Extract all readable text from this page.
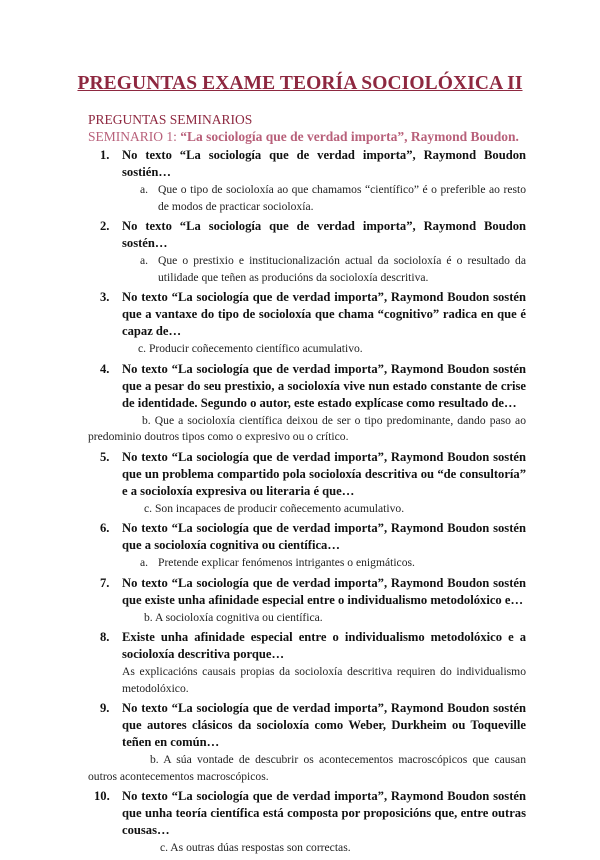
PREGUNTAS EXAME TEORÍA SOCIOLÓXICA II

PREGUNTAS SEMINARIOS

SEMINARIO 1: “La sociología que de verdad importa”, Raymond Boudon.

1. No texto “La sociología que de verdad importa”, Raymond Boudon sostién…
a. Que o tipo de socioloxía ao que chamamos “científico” é o preferible ao resto de modos de practicar socioloxía.
2. No texto “La sociología que de verdad importa”, Raymond Boudon sostén…
a. Que o prestixio e institucionalización actual da socioloxía é o resultado da utilidade que teñen as producións da socioloxía descritiva.
3. No texto “La sociología que de verdad importa”, Raymond Boudon sostén que a vantaxe do tipo de socioloxía que chama “cognitivo” radica en que é capaz de…
c. Producir coñecemento científico acumulativo.
4. No texto “La sociología que de verdad importa”, Raymond Boudon sostén que a pesar do seu prestixio, a socioloxía vive nun estado constante de crise de identidade. Segundo o autor, este estado explícase como resultado de…
b. Que a socioloxía científica deixou de ser o tipo predominante, dando paso ao predominio doutros tipos como o expresivo ou o crítico.
5. No texto “La sociología que de verdad importa”, Raymond Boudon sostén que un problema compartido pola socioloxía descritiva ou “de consultoría” e a socioloxía expresiva ou literaria é que…
c. Son incapaces de producir coñecemento acumulativo.
6. No texto “La sociología que de verdad importa”, Raymond Boudon sostén que a socioloxía cognitiva ou científica…
a. Pretende explicar fenómenos intrigantes o enigmáticos.
7. No texto “La sociología que de verdad importa”, Raymond Boudon sostén que existe unha afinidade especial entre o individualismo metodolóxico e…
b. A socioloxía cognitiva ou científica.
8. Existe unha afinidade especial entre o individualismo metodolóxico e a socioloxía descritiva porque…
As explicacións causais propias da socioloxía descritiva requiren do individualismo metodolóxico.
9. No texto “La sociología que de verdad importa”, Raymond Boudon sostén que autores clásicos da socioloxía como Weber, Durkheim ou Toqueville teñen en común…
b. A súa vontade de descubrir os acontecementos macroscópicos que causan outros acontecementos macroscópicos.
10. No texto “La sociología que de verdad importa”, Raymond Boudon sostén que unha teoría científica está composta por proposicións que, entre outras cousas…
c. As outras dúas respostas son correctas.
